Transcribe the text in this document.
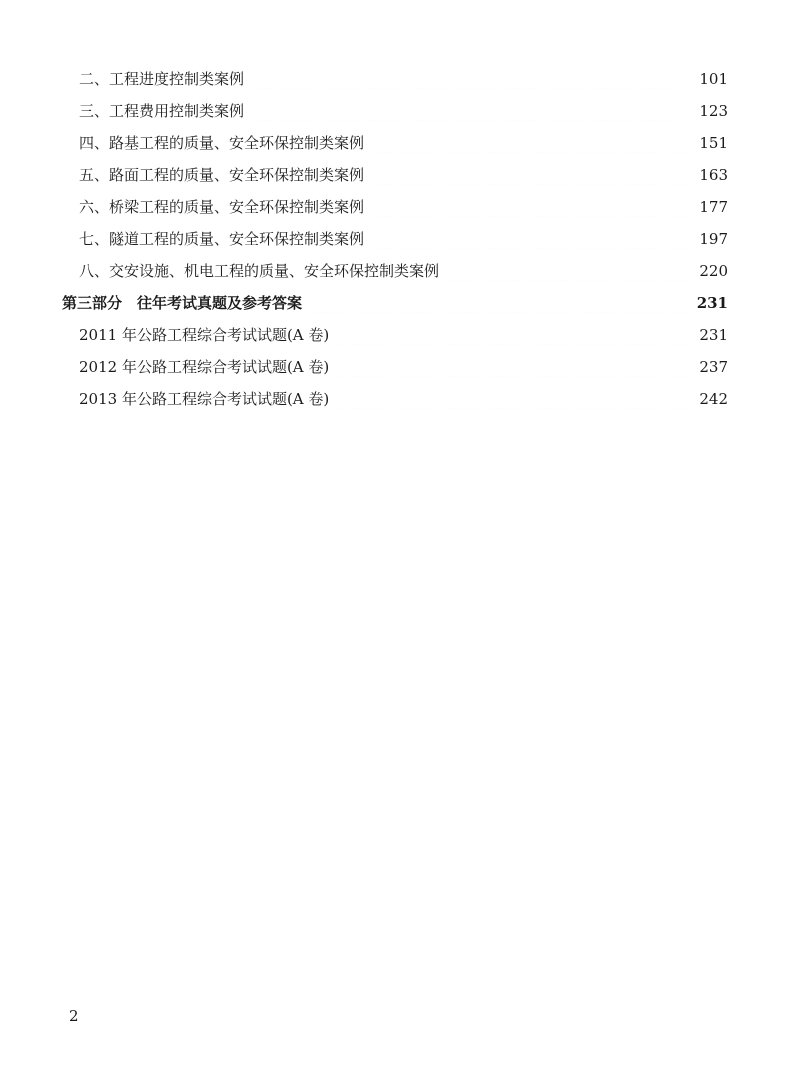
二、工程进度控制类案例	101
三、工程费用控制类案例	123
四、路基工程的质量、安全环保控制类案例	151
五、路面工程的质量、安全环保控制类案例	163
六、桥梁工程的质量、安全环保控制类案例	177
七、隧道工程的质量、安全环保控制类案例	197
八、交安设施、机电工程的质量、安全环保控制类案例	220
第三部分　往年考试真题及参考答案	231
2011 年公路工程综合考试试题(A 卷)	231
2012 年公路工程综合考试试题(A 卷)	237
2013 年公路工程综合考试试题(A 卷)	242
2
